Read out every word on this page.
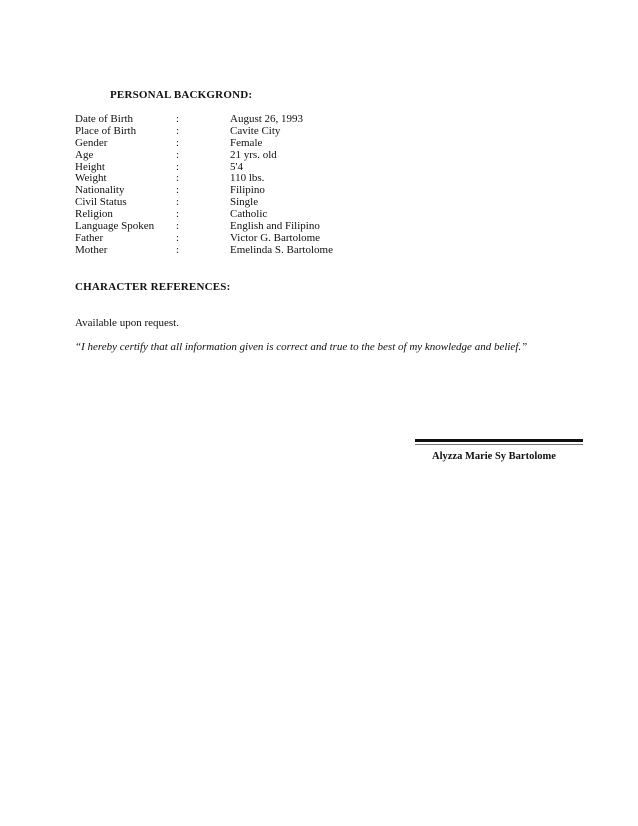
PERSONAL BACKGROND:
Date of Birth	:	August 26, 1993
Place of Birth	:	Cavite City
Gender	:	Female
Age	:	21 yrs. old
Height	:	5'4
Weight	:	110 lbs.
Nationality	:	Filipino
Civil Status	:	Single
Religion	:	Catholic
Language Spoken :	English and Filipino
Father	:	Victor G. Bartolome
Mother	:	Emelinda S. Bartolome
CHARACTER REFERENCES:
Available upon request.
“I hereby certify that all information given is correct and true to the best of my knowledge and belief.”
Alyzza Marie Sy Bartolome
